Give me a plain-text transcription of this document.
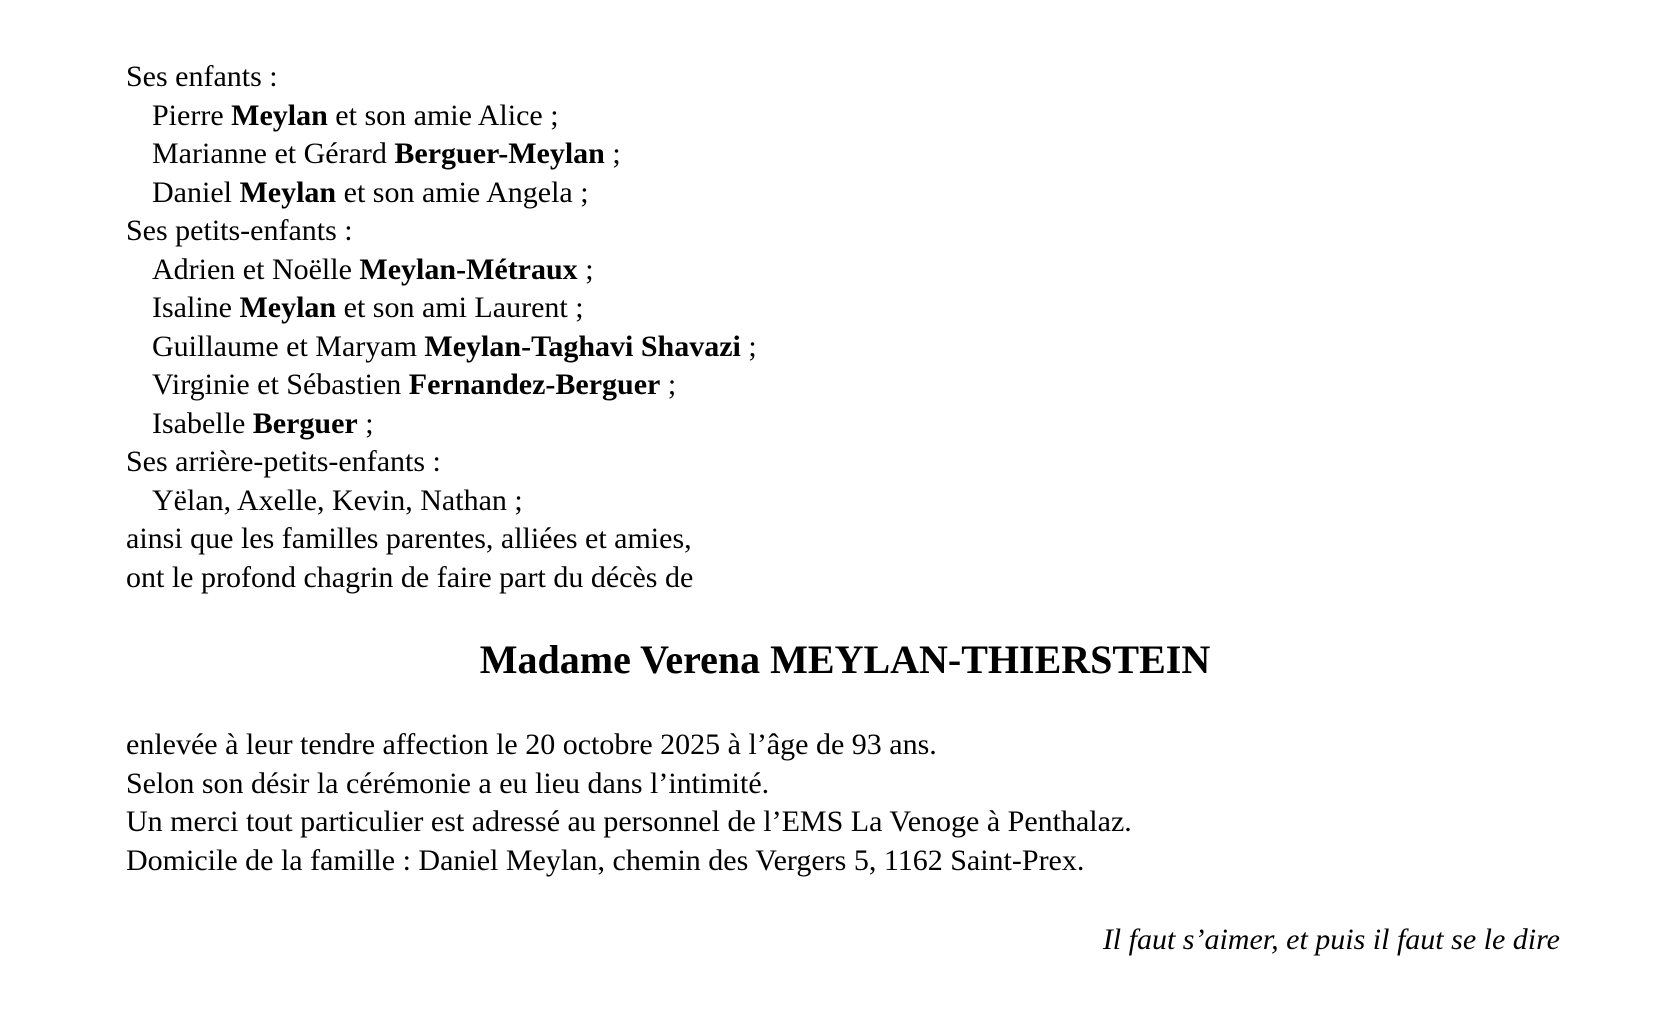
Ses enfants :
Pierre Meylan et son amie Alice ;
Marianne et Gérard Berguer-Meylan ;
Daniel Meylan et son amie Angela ;
Ses petits-enfants :
Adrien et Noëlle Meylan-Métraux ;
Isaline Meylan et son ami Laurent ;
Guillaume et Maryam Meylan-Taghavi Shavazi ;
Virginie et Sébastien Fernandez-Berguer ;
Isabelle Berguer ;
Ses arrière-petits-enfants :
Yëlan, Axelle, Kevin, Nathan ;
ainsi que les familles parentes, alliées et amies,
ont le profond chagrin de faire part du décès de
Madame Verena MEYLAN-THIERSTEIN
enlevée à leur tendre affection le 20 octobre 2025 à l’âge de 93 ans.
Selon son désir la cérémonie a eu lieu dans l’intimité.
Un merci tout particulier est adressé au personnel de l’EMS La Venoge à Penthalaz.
Domicile de la famille : Daniel Meylan, chemin des Vergers 5, 1162 Saint-Prex.
Il faut s’aimer, et puis il faut se le dire
